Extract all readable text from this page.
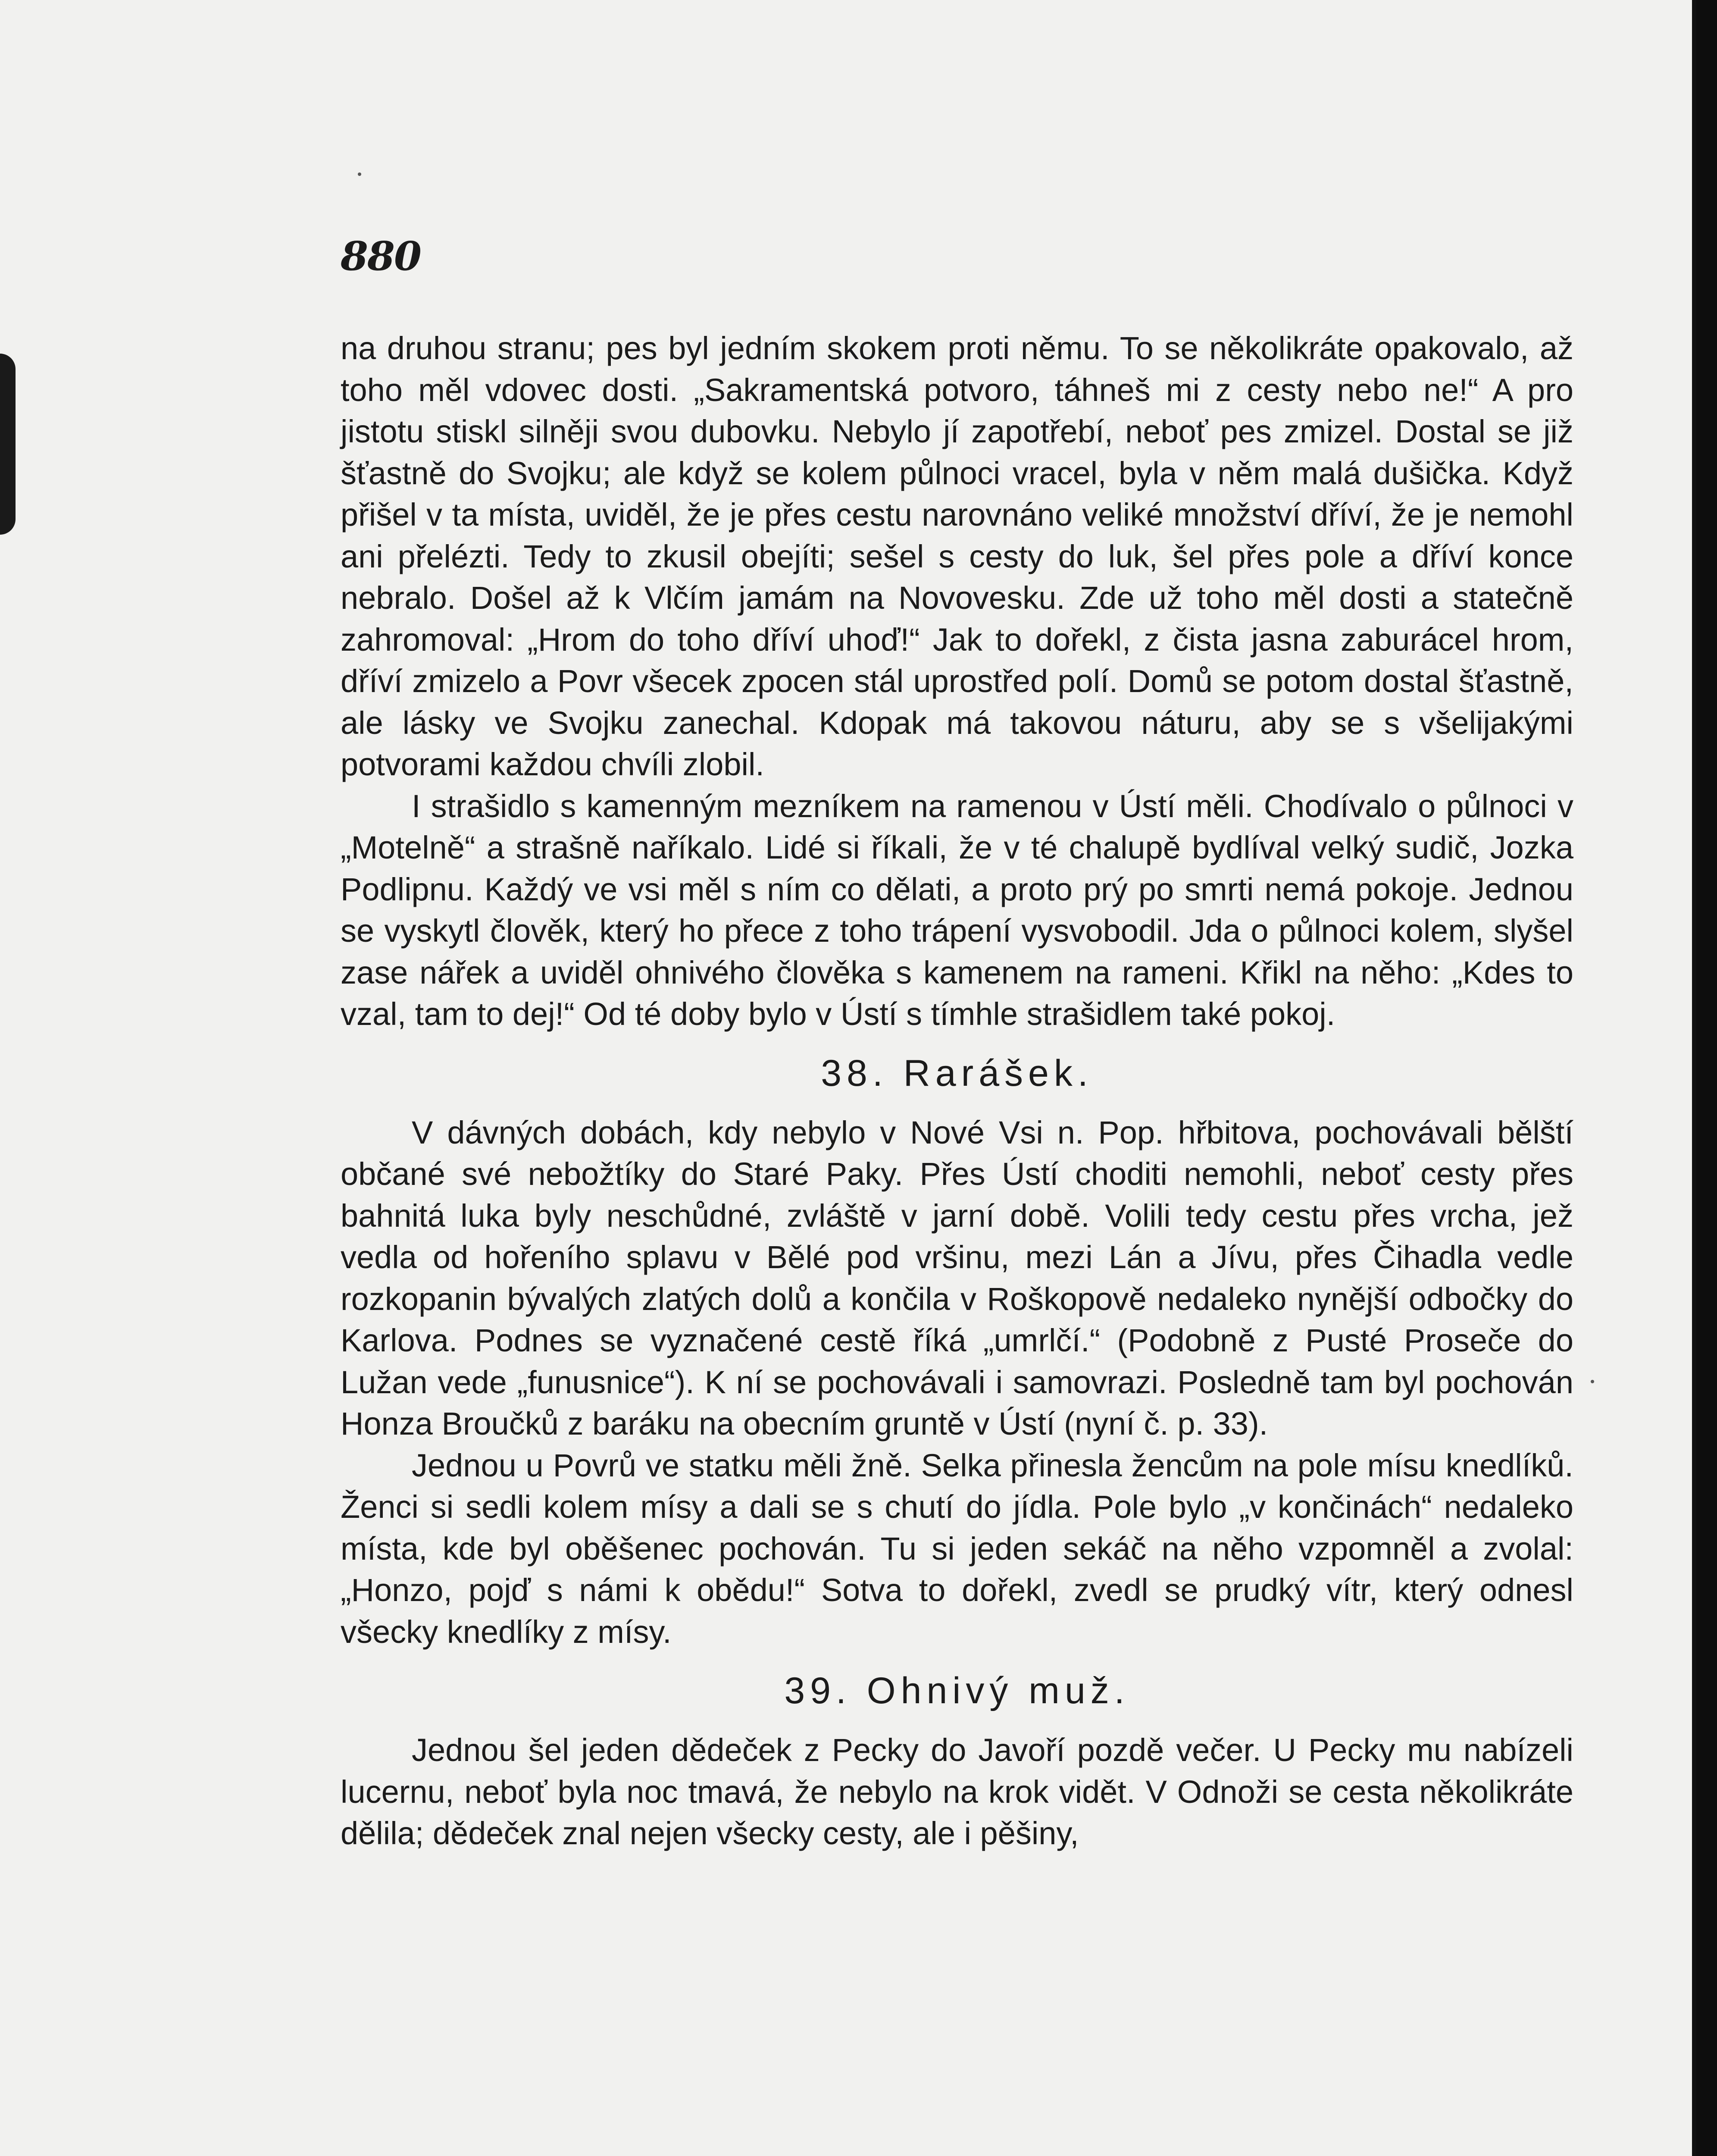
880

na druhou stranu; pes byl jedním skokem proti němu. To se několikráte opakovalo, až toho měl vdovec dosti. „Sakramentská potvoro, táhneš mi z cesty nebo ne!“ A pro jistotu stiskl silněji svou dubovku. Nebylo jí zapotřebí, neboť pes zmizel. Dostal se již šťastně do Svojku; ale když se kolem půlnoci vracel, byla v něm malá dušička. Když přišel v ta místa, uviděl, že je přes cestu narovnáno veliké množství dříví, že je nemohl ani přelézti. Tedy to zkusil obejíti; sešel s cesty do luk, šel přes pole a dříví konce nebralo. Došel až k Vlčím jamám na Novovesku. Zde už toho měl dosti a statečně zahromoval: „Hrom do toho dříví uhoď!“ Jak to dořekl, z čista jasna zaburácel hrom, dříví zmizelo a Povr všecek zpocen stál uprostřed polí. Domů se potom dostal šťastně, ale lásky ve Svojku zanechal. Kdopak má takovou náturu, aby se s všelijakými potvorami každou chvíli zlobil.

I strašidlo s kamenným mezníkem na ramenou v Ústí měli. Chodívalo o půlnoci v „Motelně“ a strašně naříkalo. Lidé si říkali, že v té chalupě bydlíval velký sudič, Jozka Podlipnu. Každý ve vsi měl s ním co dělati, a proto prý po smrti nemá pokoje. Jednou se vyskytl člověk, který ho přece z toho trápení vysvobodil. Jda o půlnoci kolem, slyšel zase nářek a uviděl ohnivého člověka s kamenem na rameni. Křikl na něho: „Kdes to vzal, tam to dej!“ Od té doby bylo v Ústí s tímhle strašidlem také pokoj.

38. Rarášek.

V dávných dobách, kdy nebylo v Nové Vsi n. Pop. hřbitova, pochovávali bělští občané své nebožtíky do Staré Paky. Přes Ústí choditi nemohli, neboť cesty přes bahnitá luka byly neschůdné, zvláště v jarní době. Volili tedy cestu přes vrcha, jež vedla od hořeního splavu v Bělé pod vršinu, mezi Lán a Jívu, přes Čihadla vedle rozkopanin bývalých zlatých dolů a končila v Roškopově nedaleko nynější odbočky do Karlova. Podnes se vyznačené cestě říká „umrlčí.“ (Podobně z Pusté Proseče do Lužan vede „funusnice“). K ní se pochovávali i samovrazi. Posledně tam byl pochován Honza Broučků z baráku na obecním gruntě v Ústí (nyní č. p. 33).

Jednou u Povrů ve statku měli žně. Selka přinesla žencům na pole mísu knedlíků. Ženci si sedli kolem mísy a dali se s chutí do jídla. Pole bylo „v končinách“ nedaleko místa, kde byl oběšenec pochován. Tu si jeden sekáč na něho vzpomněl a zvolal: „Honzo, pojď s námi k obědu!“ Sotva to dořekl, zvedl se prudký vítr, který odnesl všecky knedlíky z mísy.

39. Ohnivý muž.

Jednou šel jeden dědeček z Pecky do Javoří pozdě večer. U Pecky mu nabízeli lucernu, neboť byla noc tmavá, že nebylo na krok vidět. V Odnoži se cesta několikráte dělila; dědeček znal nejen všecky cesty, ale i pěšiny,
